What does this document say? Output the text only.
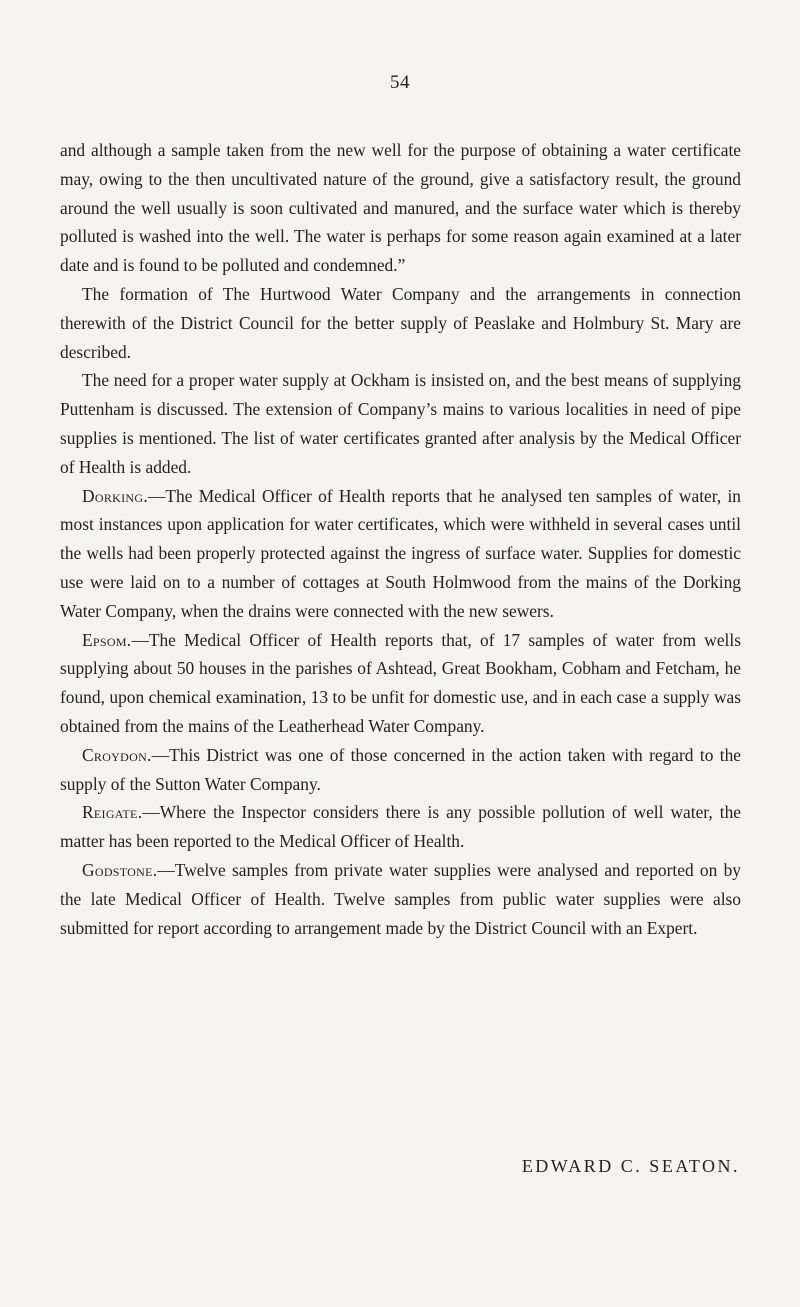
54

and although a sample taken from the new well for the purpose of obtaining a water certificate may, owing to the then uncultivated nature of the ground, give a satisfactory result, the ground around the well usually is soon cultivated and manured, and the surface water which is thereby polluted is washed into the well. The water is perhaps for some reason again examined at a later date and is found to be polluted and condemned.”

The formation of The Hurtwood Water Company and the arrangements in connection therewith of the District Council for the better supply of Peaslake and Holmbury St. Mary are described.

The need for a proper water supply at Ockham is insisted on, and the best means of supplying Puttenham is discussed. The extension of Company’s mains to various localities in need of pipe supplies is mentioned. The list of water certificates granted after analysis by the Medical Officer of Health is added.

Dorking.—The Medical Officer of Health reports that he analysed ten samples of water, in most instances upon application for water certificates, which were withheld in several cases until the wells had been properly protected against the ingress of surface water. Supplies for domestic use were laid on to a number of cottages at South Holmwood from the mains of the Dorking Water Company, when the drains were connected with the new sewers.

Epsom.—The Medical Officer of Health reports that, of 17 samples of water from wells supplying about 50 houses in the parishes of Ashtead, Great Bookham, Cobham and Fetcham, he found, upon chemical examination, 13 to be unfit for domestic use, and in each case a supply was obtained from the mains of the Leatherhead Water Company.

Croydon.—This District was one of those concerned in the action taken with regard to the supply of the Sutton Water Company.

Reigate.—Where the Inspector considers there is any possible pollution of well water, the matter has been reported to the Medical Officer of Health.

Godstone.—Twelve samples from private water supplies were analysed and reported on by the late Medical Officer of Health. Twelve samples from public water supplies were also submitted for report according to arrangement made by the District Council with an Expert.

EDWARD C. SEATON.
